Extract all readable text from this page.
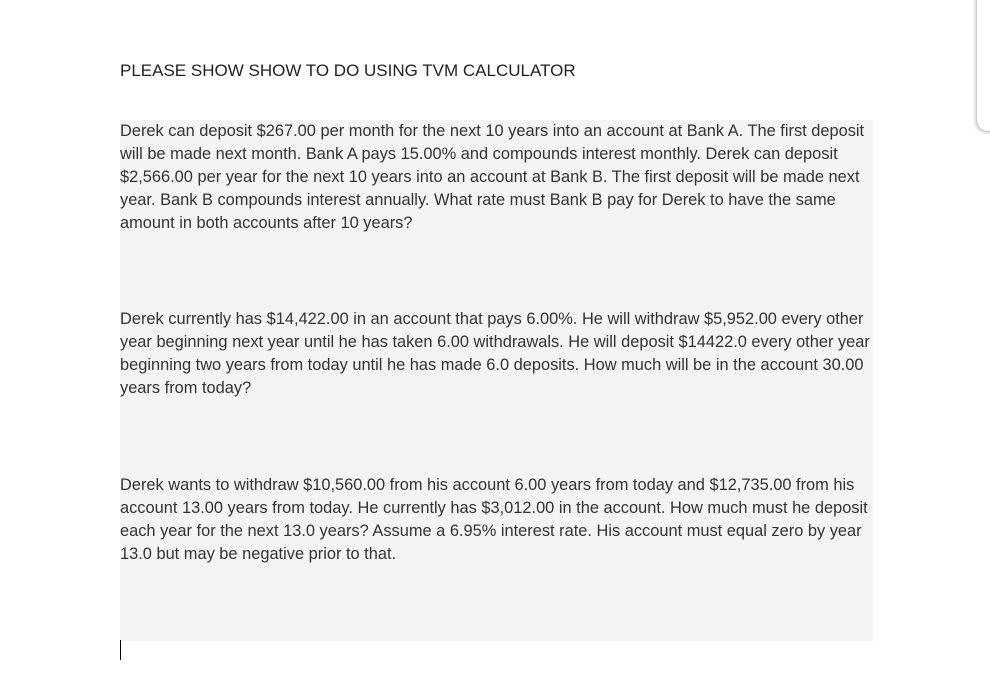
PLEASE SHOW SHOW TO DO USING TVM CALCULATOR
Derek can deposit $267.00 per month for the next 10 years into an account at Bank A. The first deposit will be made next month. Bank A pays 15.00% and compounds interest monthly. Derek can deposit $2,566.00 per year for the next 10 years into an account at Bank B. The first deposit will be made next year. Bank B compounds interest annually. What rate must Bank B pay for Derek to have the same amount in both accounts after 10 years?
Derek currently has $14,422.00 in an account that pays 6.00%. He will withdraw $5,952.00 every other year beginning next year until he has taken 6.00 withdrawals. He will deposit $14422.0 every other year beginning two years from today until he has made 6.0 deposits. How much will be in the account 30.00 years from today?
Derek wants to withdraw $10,560.00 from his account 6.00 years from today and $12,735.00 from his account 13.00 years from today. He currently has $3,012.00 in the account. How much must he deposit each year for the next 13.0 years? Assume a 6.95% interest rate. His account must equal zero by year 13.0 but may be negative prior to that.
